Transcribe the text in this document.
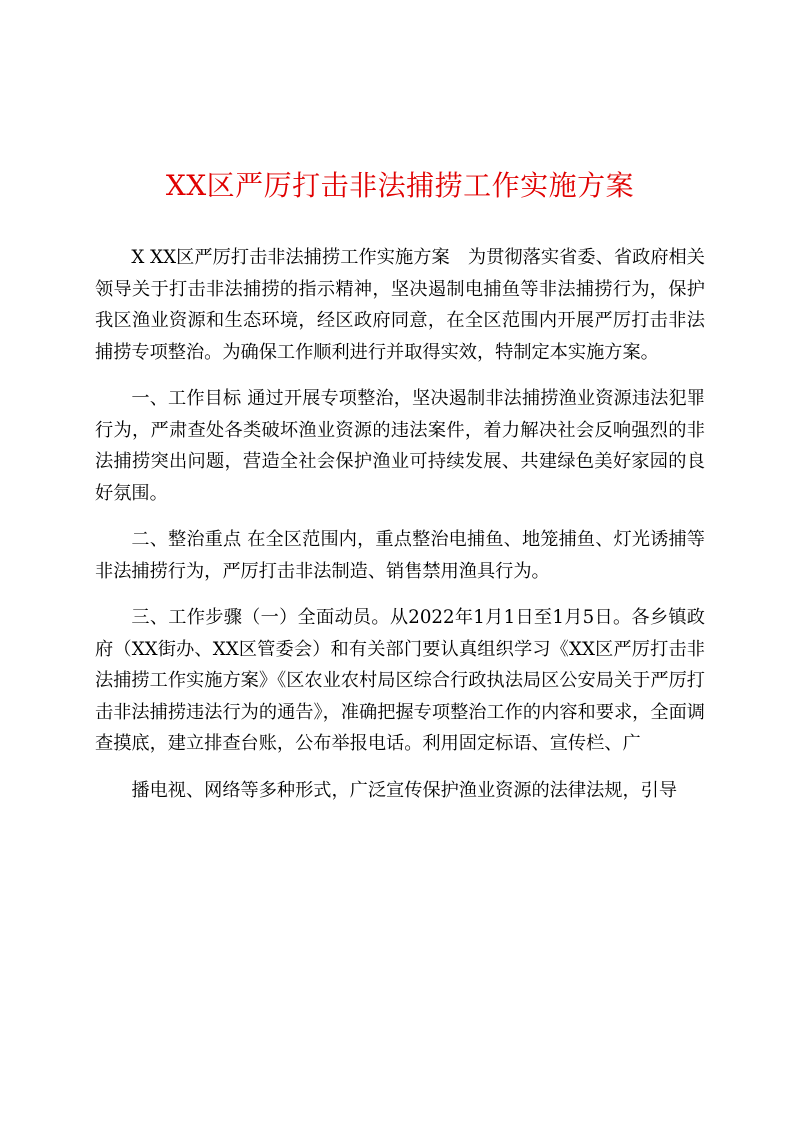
XX区严厉打击非法捕捞工作实施方案

X XX区严厉打击非法捕捞工作实施方案　为贯彻落实省委、省政府相关领导关于打击非法捕捞的指示精神，坚决遏制电捕鱼等非法捕捞行为，保护我区渔业资源和生态环境，经区政府同意，在全区范围内开展严厉打击非法捕捞专项整治。为确保工作顺利进行并取得实效，特制定本实施方案。

一、工作目标 通过开展专项整治，坚决遏制非法捕捞渔业资源违法犯罪行为，严肃查处各类破坏渔业资源的违法案件，着力解决社会反响强烈的非法捕捞突出问题，营造全社会保护渔业可持续发展、共建绿色美好家园的良好氛围。

二、整治重点 在全区范围内，重点整治电捕鱼、地笼捕鱼、灯光诱捕等非法捕捞行为，严厉打击非法制造、销售禁用渔具行为。

三、工作步骤（一）全面动员。从2022年1月1日至1月5日。各乡镇政府（XX街办、XX区管委会）和有关部门要认真组织学习《XX区严厉打击非法捕捞工作实施方案》《区农业农村局区综合行政执法局区公安局关于严厉打击非法捕捞违法行为的通告》，准确把握专项整治工作的内容和要求，全面调查摸底，建立排查台账，公布举报电话。利用固定标语、宣传栏、广

播电视、网络等多种形式，广泛宣传保护渔业资源的法律法规，引导
